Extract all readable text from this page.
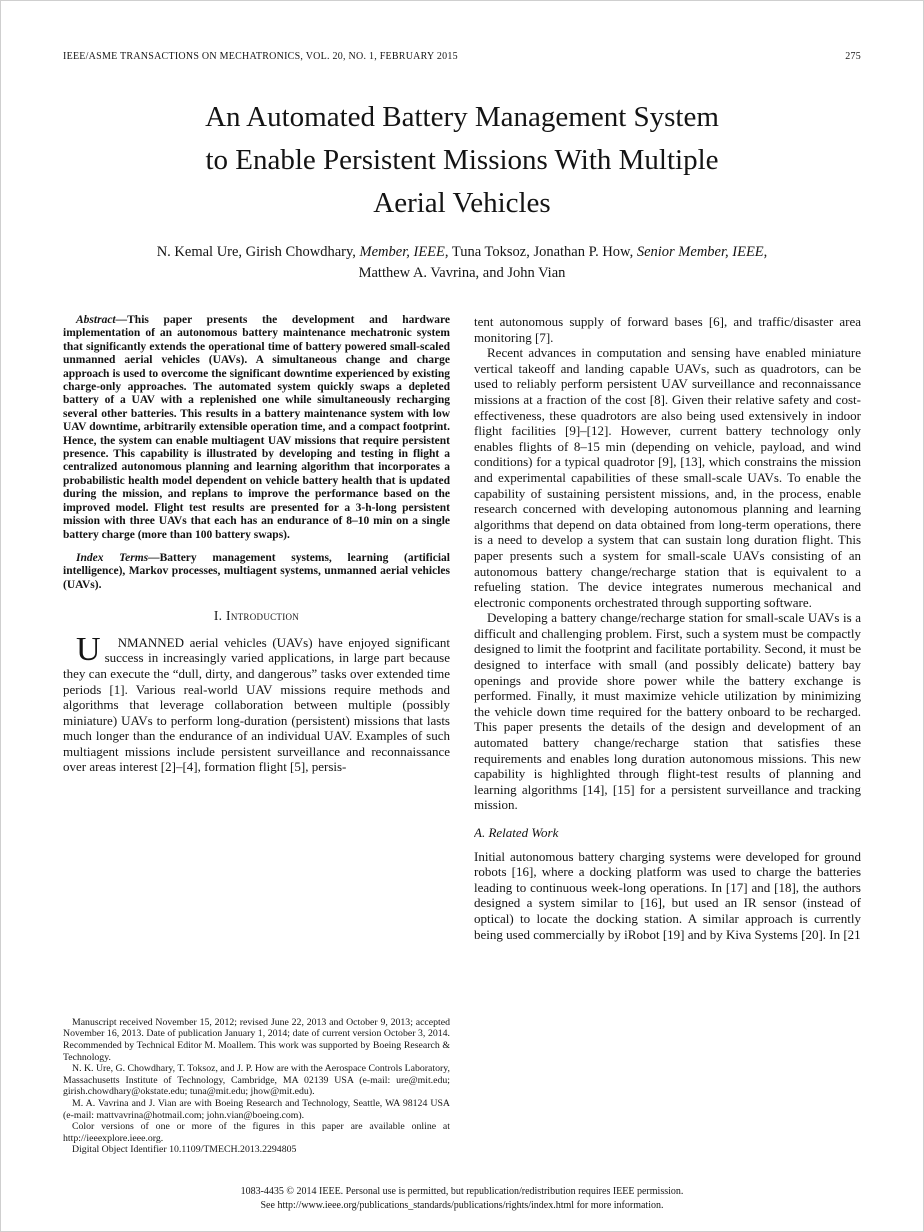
IEEE/ASME TRANSACTIONS ON MECHATRONICS, VOL. 20, NO. 1, FEBRUARY 2015	275
An Automated Battery Management System
to Enable Persistent Missions With Multiple
Aerial Vehicles
N. Kemal Ure, Girish Chowdhary, Member, IEEE, Tuna Toksoz, Jonathan P. How, Senior Member, IEEE,
Matthew A. Vavrina, and John Vian

Abstract—This paper presents the development and hardware implementation of an autonomous battery maintenance mechatronic system that significantly extends the operational time of battery powered small-scaled unmanned aerial vehicles (UAVs). A simultaneous change and charge approach is used to overcome the significant downtime experienced by existing charge-only approaches. The automated system quickly swaps a depleted battery of a UAV with a replenished one while simultaneously recharging several other batteries. This results in a battery maintenance system with low UAV downtime, arbitrarily extensible operation time, and a compact footprint. Hence, the system can enable multiagent UAV missions that require persistent presence. This capability is illustrated by developing and testing in flight a centralized autonomous planning and learning algorithm that incorporates a probabilistic health model dependent on vehicle battery health that is updated during the mission, and replans to improve the performance based on the improved model. Flight test results are presented for a 3-h-long persistent mission with three UAVs that each has an endurance of 8–10 min on a single battery charge (more than 100 battery swaps).

Index Terms—Battery management systems, learning (artificial intelligence), Markov processes, multiagent systems, unmanned aerial vehicles (UAVs).

I. Introduction

U	NMANNED aerial vehicles (UAVs) have enjoyed significant success in increasingly varied applications, in large part because they can execute the “dull, dirty, and dangerous” tasks over extended time periods [1]. Various real-world UAV missions require methods and algorithms that leverage collaboration between multiple (possibly miniature) UAVs to perform long-duration (persistent) missions that lasts much longer than the endurance of an individual UAV. Examples of such multiagent missions include persistent surveillance and reconnaissance over areas interest [2]–[4], formation flight [5], persis-

Manuscript received November 15, 2012; revised June 22, 2013 and October 9, 2013; accepted November 16, 2013. Date of publication January 1, 2014; date of current version October 3, 2014. Recommended by Technical Editor M. Moallem. This work was supported by Boeing Research & Technology.

N. K. Ure, G. Chowdhary, T. Toksoz, and J. P. How are with the Aerospace Controls Laboratory, Massachusetts Institute of Technology, Cambridge, MA 02139 USA (e-mail: ure@mit.edu; girish.chowdhary@okstate.edu; tuna@mit.edu; jhow@mit.edu).

M. A. Vavrina and J. Vian are with Boeing Research and Technology, Seattle, WA 98124 USA (e-mail: mattvavrina@hotmail.com; john.vian@boeing.com).

Color versions of one or more of the figures in this paper are available online at http://ieeexplore.ieee.org.

Digital Object Identifier 10.1109/TMECH.2013.2294805

tent autonomous supply of forward bases [6], and traffic/disaster area monitoring [7].

Recent advances in computation and sensing have enabled miniature vertical takeoff and landing capable UAVs, such as quadrotors, can be used to reliably perform persistent UAV surveillance and reconnaissance missions at a fraction of the cost [8]. Given their relative safety and cost-effectiveness, these quadrotors are also being used extensively in indoor flight facilities [9]–[12]. However, current battery technology only enables flights of 8–15 min (depending on vehicle, payload, and wind conditions) for a typical quadrotor [9], [13], which constrains the mission and experimental capabilities of these small-scale UAVs. To enable the capability of sustaining persistent missions, and, in the process, enable research concerned with developing autonomous planning and learning algorithms that depend on data obtained from long-term operations, there is a need to develop a system that can sustain long duration flight. This paper presents such a system for small-scale UAVs consisting of an autonomous battery change/recharge station that is equivalent to a refueling station. The device integrates numerous mechanical and electronic components orchestrated through supporting software.

Developing a battery change/recharge station for small-scale UAVs is a difficult and challenging problem. First, such a system must be compactly designed to limit the footprint and facilitate portability. Second, it must be designed to interface with small (and possibly delicate) battery bay openings and provide shore power while the battery exchange is performed. Finally, it must maximize vehicle utilization by minimizing the vehicle down time required for the battery onboard to be recharged. This paper presents the details of the design and development of an automated battery change/recharge station that satisfies these requirements and enables long duration autonomous missions. This new capability is highlighted through flight-test results of planning and learning algorithms [14], [15] for a persistent surveillance and tracking mission.

A. Related Work

Initial autonomous battery charging systems were developed for ground robots [16], where a docking platform was used to charge the batteries leading to continuous week-long operations. In [17] and [18], the authors designed a system similar to [16], but used an IR sensor (instead of optical) to locate the docking station. A similar approach is currently being used commercially by iRobot [19] and by Kiva Systems [20]. In [21

1083-4435 © 2014 IEEE. Personal use is permitted, but republication/redistribution requires IEEE permission.
See http://www.ieee.org/publications_standards/publications/rights/index.html for more information.
